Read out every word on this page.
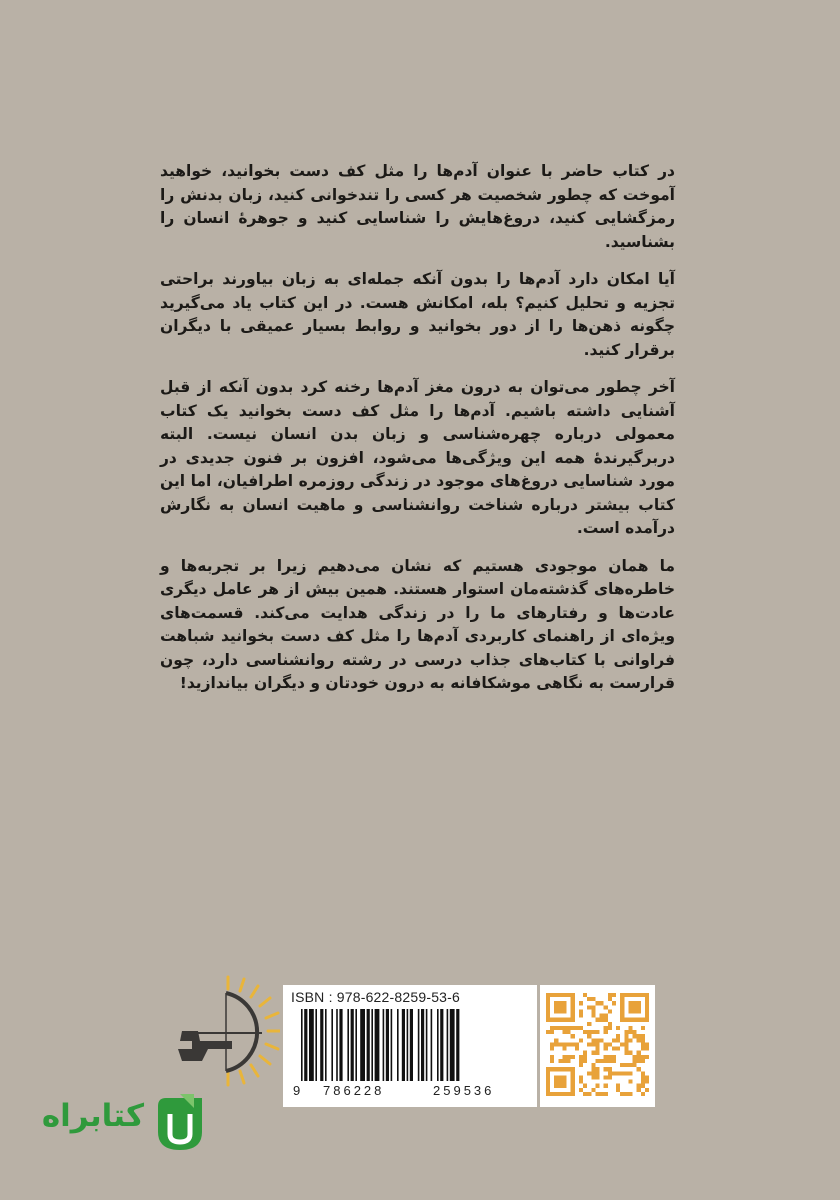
در کتاب حاضر با عنوان آدم‌ها را مثل کف دست بخوانید، خواهید آموخت که چطور شخصیت هر کسی را تندخوانی کنید، زبان بدنش را رمزگشایی کنید، دروغ‌هایش را شناسایی کنید و جوهرهٔ انسان را بشناسید.

آیا امکان دارد آدم‌ها را بدون آنکه جمله‌ای به زبان بیاورند براحتی تجزیه و تحلیل کنیم؟ بله، امکانش هست. در این کتاب یاد می‌گیرید چگونه ذهن‌ها را از دور بخوانید و روابط بسیار عمیقی با دیگران برقرار کنید.

آخر چطور می‌توان به درون مغز آدم‌ها رخنه کرد بدون آنکه از قبل آشنایی داشته باشیم. آدم‌ها را مثل کف دست بخوانید یک کتاب معمولی درباره چهره‌شناسی و زبان بدن انسان نیست. البته دربرگیرندهٔ همه این ویژگی‌ها می‌شود، افزون بر فنون جدیدی در مورد شناسایی دروغ‌های موجود در زندگی روزمره اطرافیان، اما این کتاب بیشتر درباره شناخت روانشناسی و ماهیت انسان به نگارش درآمده است.

ما همان موجودی هستیم که نشان می‌دهیم زیرا بر تجربه‌ها و خاطره‌های گذشته‌مان استوار هستند. همین بیش از هر عامل دیگری عادت‌ها و رفتارهای ما را در زندگی هدایت می‌کند. قسمت‌های ویژه‌ای از راهنمای کاربردی آدم‌ها را مثل کف دست بخوانید شباهت فراوانی با کتاب‌های جذاب درسی در رشته روانشناسی دارد، چون قرارست به نگاهی موشکافانه به درون خودتان و دیگران بیاندازید!

ISBN : 978-622-8259-53-6
9 786228	259536
کتابراه
